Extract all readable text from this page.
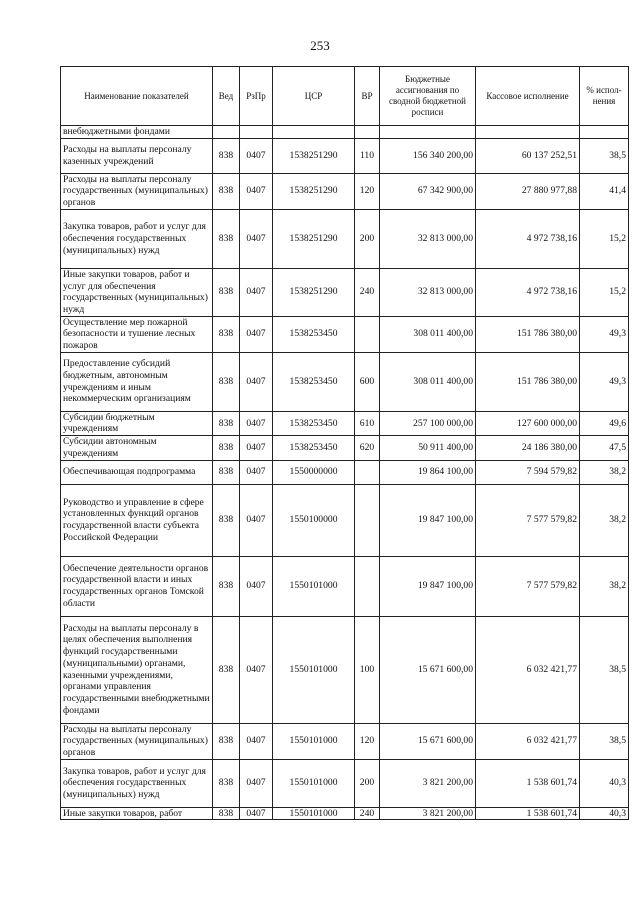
253
Наименование показателей	Вед	РзПр	ЦСР	ВР	Бюджетные ассигнования по сводной бюджетной росписи	Кассовое исполнение	% испол-нения
внебюджетными фондами							
Расходы на выплаты персоналу казенных учреждений	838	0407	1538251290	110	156 340 200,00	60 137 252,51	38,5
Расходы на выплаты персоналу государственных (муниципальных) органов	838	0407	1538251290	120	67 342 900,00	27 880 977,88	41,4
Закупка товаров, работ и услуг для обеспечения государственных (муниципальных) нужд	838	0407	1538251290	200	32 813 000,00	4 972 738,16	15,2
Иные закупки товаров, работ и услуг для обеспечения государственных (муниципальных) нужд	838	0407	1538251290	240	32 813 000,00	4 972 738,16	15,2
Осуществление мер пожарной безопасности и тушение лесных пожаров	838	0407	1538253450		308 011 400,00	151 786 380,00	49,3
Предоставление субсидий бюджетным, автономным учреждениям и иным некоммерческим организациям	838	0407	1538253450	600	308 011 400,00	151 786 380,00	49,3
Субсидии бюджетным учреждениям	838	0407	1538253450	610	257 100 000,00	127 600 000,00	49,6
Субсидии автономным учреждениям	838	0407	1538253450	620	50 911 400,00	24 186 380,00	47,5
Обеспечивающая подпрограмма	838	0407	1550000000		19 864 100,00	7 594 579,82	38,2
Руководство и управление в сфере установленных функций органов государственной власти субъекта Российской Федерации	838	0407	1550100000		19 847 100,00	7 577 579,82	38,2
Обеспечение деятельности органов государственной власти и иных государственных органов Томской области	838	0407	1550101000		19 847 100,00	7 577 579,82	38,2
Расходы на выплаты персоналу в целях обеспечения выполнения функций государственными (муниципальными) органами, казенными учреждениями, органами управления государственными внебюджетными фондами	838	0407	1550101000	100	15 671 600,00	6 032 421,77	38,5
Расходы на выплаты персоналу государственных (муниципальных) органов	838	0407	1550101000	120	15 671 600,00	6 032 421,77	38,5
Закупка товаров, работ и услуг для обеспечения государственных (муниципальных) нужд	838	0407	1550101000	200	3 821 200,00	1 538 601,74	40,3
Иные закупки товаров, работ	838	0407	1550101000	240	3 821 200,00	1 538 601,74	40,3
